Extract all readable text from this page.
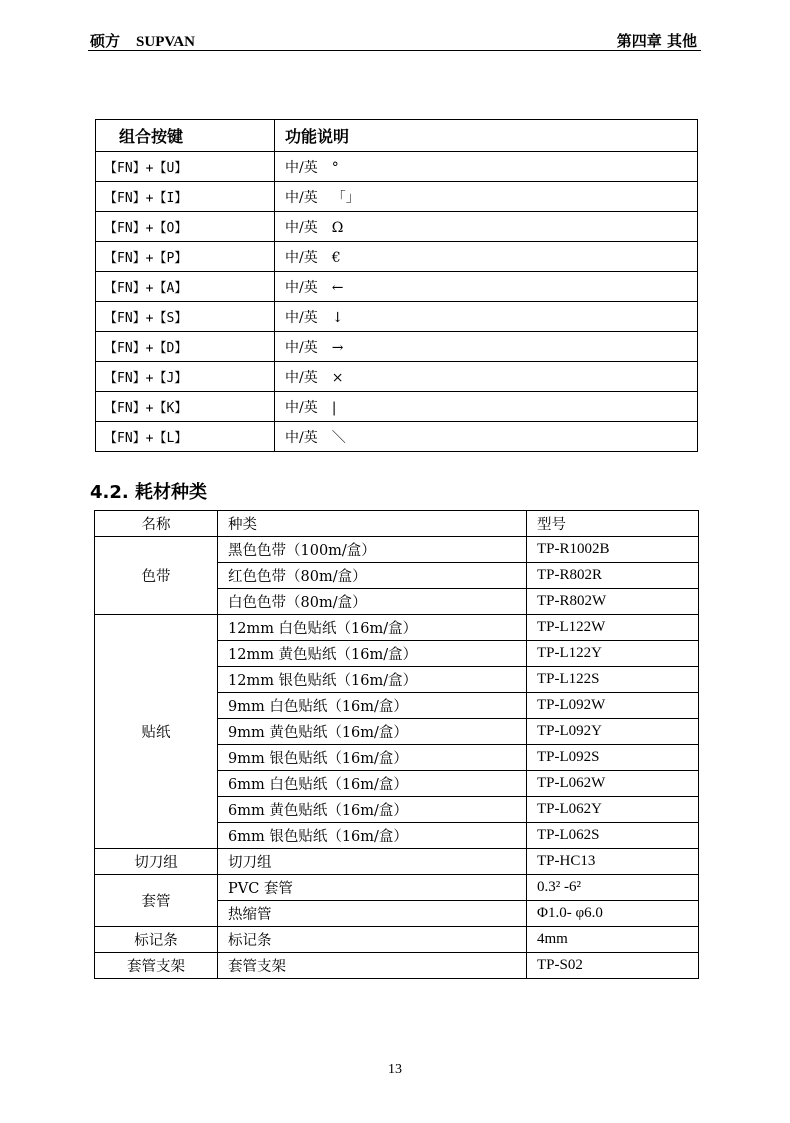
硕方 SUPVAN	第四章 其他
组合按键	功能说明
【FN】+【U】	中/英 °
【FN】+【I】	中/英 「」
【FN】+【O】	中/英 Ω
【FN】+【P】	中/英 €
【FN】+【A】	中/英 ←
【FN】+【S】	中/英 ↓
【FN】+【D】	中/英 →
【FN】+【J】	中/英 ×
【FN】+【K】	中/英 |
【FN】+【L】	中/英 ＼
4.2. 耗材种类
名称	种类	型号
色带	黑色色带（100m/盒）	TP-R1002B
	红色色带（80m/盒）	TP-R802R
	白色色带（80m/盒）	TP-R802W
贴纸	12mm 白色贴纸（16m/盒）	TP-L122W
	12mm 黄色贴纸（16m/盒）	TP-L122Y
	12mm 银色贴纸（16m/盒）	TP-L122S
	9mm 白色贴纸（16m/盒）	TP-L092W
	9mm 黄色贴纸（16m/盒）	TP-L092Y
	9mm 银色贴纸（16m/盒）	TP-L092S
	6mm 白色贴纸（16m/盒）	TP-L062W
	6mm 黄色贴纸（16m/盒）	TP-L062Y
	6mm 银色贴纸（16m/盒）	TP-L062S
切刀组	切刀组	TP-HC13
套管	PVC 套管	0.3² -6²
	热缩管	Φ1.0- φ6.0
标记条	标记条	4mm
套管支架	套管支架	TP-S02
13
